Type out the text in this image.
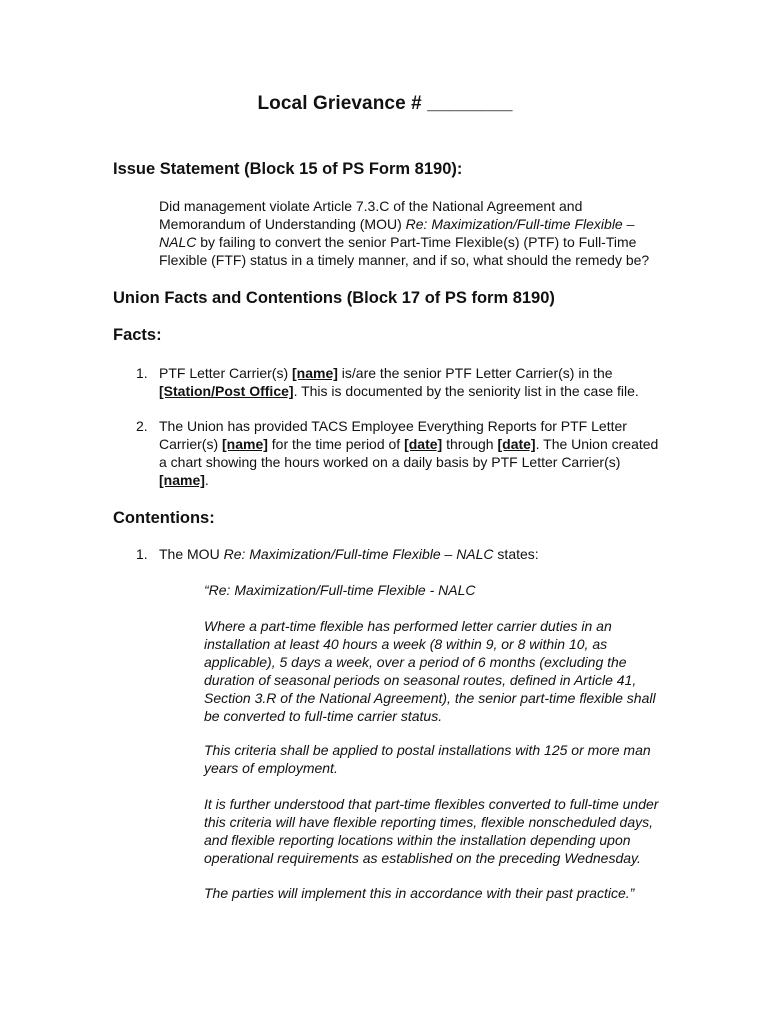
Local Grievance # ________
Issue Statement (Block 15 of PS Form 8190):
Did management violate Article 7.3.C of the National Agreement and
Memorandum of Understanding (MOU) Re: Maximization/Full-time Flexible –
NALC by failing to convert the senior Part-Time Flexible(s) (PTF) to Full-Time
Flexible (FTF) status in a timely manner, and if so, what should the remedy be?
Union Facts and Contentions (Block 17 of PS form 8190)
Facts:
1. PTF Letter Carrier(s) [name] is/are the senior PTF Letter Carrier(s) in the
[Station/Post Office]. This is documented by the seniority list in the case file.
2. The Union has provided TACS Employee Everything Reports for PTF Letter
Carrier(s) [name] for the time period of [date] through [date]. The Union created
a chart showing the hours worked on a daily basis by PTF Letter Carrier(s)
[name].
Contentions:
1. The MOU Re: Maximization/Full-time Flexible – NALC states:
“Re: Maximization/Full-time Flexible - NALC
Where a part-time flexible has performed letter carrier duties in an
installation at least 40 hours a week (8 within 9, or 8 within 10, as
applicable), 5 days a week, over a period of 6 months (excluding the
duration of seasonal periods on seasonal routes, defined in Article 41,
Section 3.R of the National Agreement), the senior part-time flexible shall
be converted to full-time carrier status.
This criteria shall be applied to postal installations with 125 or more man
years of employment.
It is further understood that part-time flexibles converted to full-time under
this criteria will have flexible reporting times, flexible nonscheduled days,
and flexible reporting locations within the installation depending upon
operational requirements as established on the preceding Wednesday.
The parties will implement this in accordance with their past practice.”
